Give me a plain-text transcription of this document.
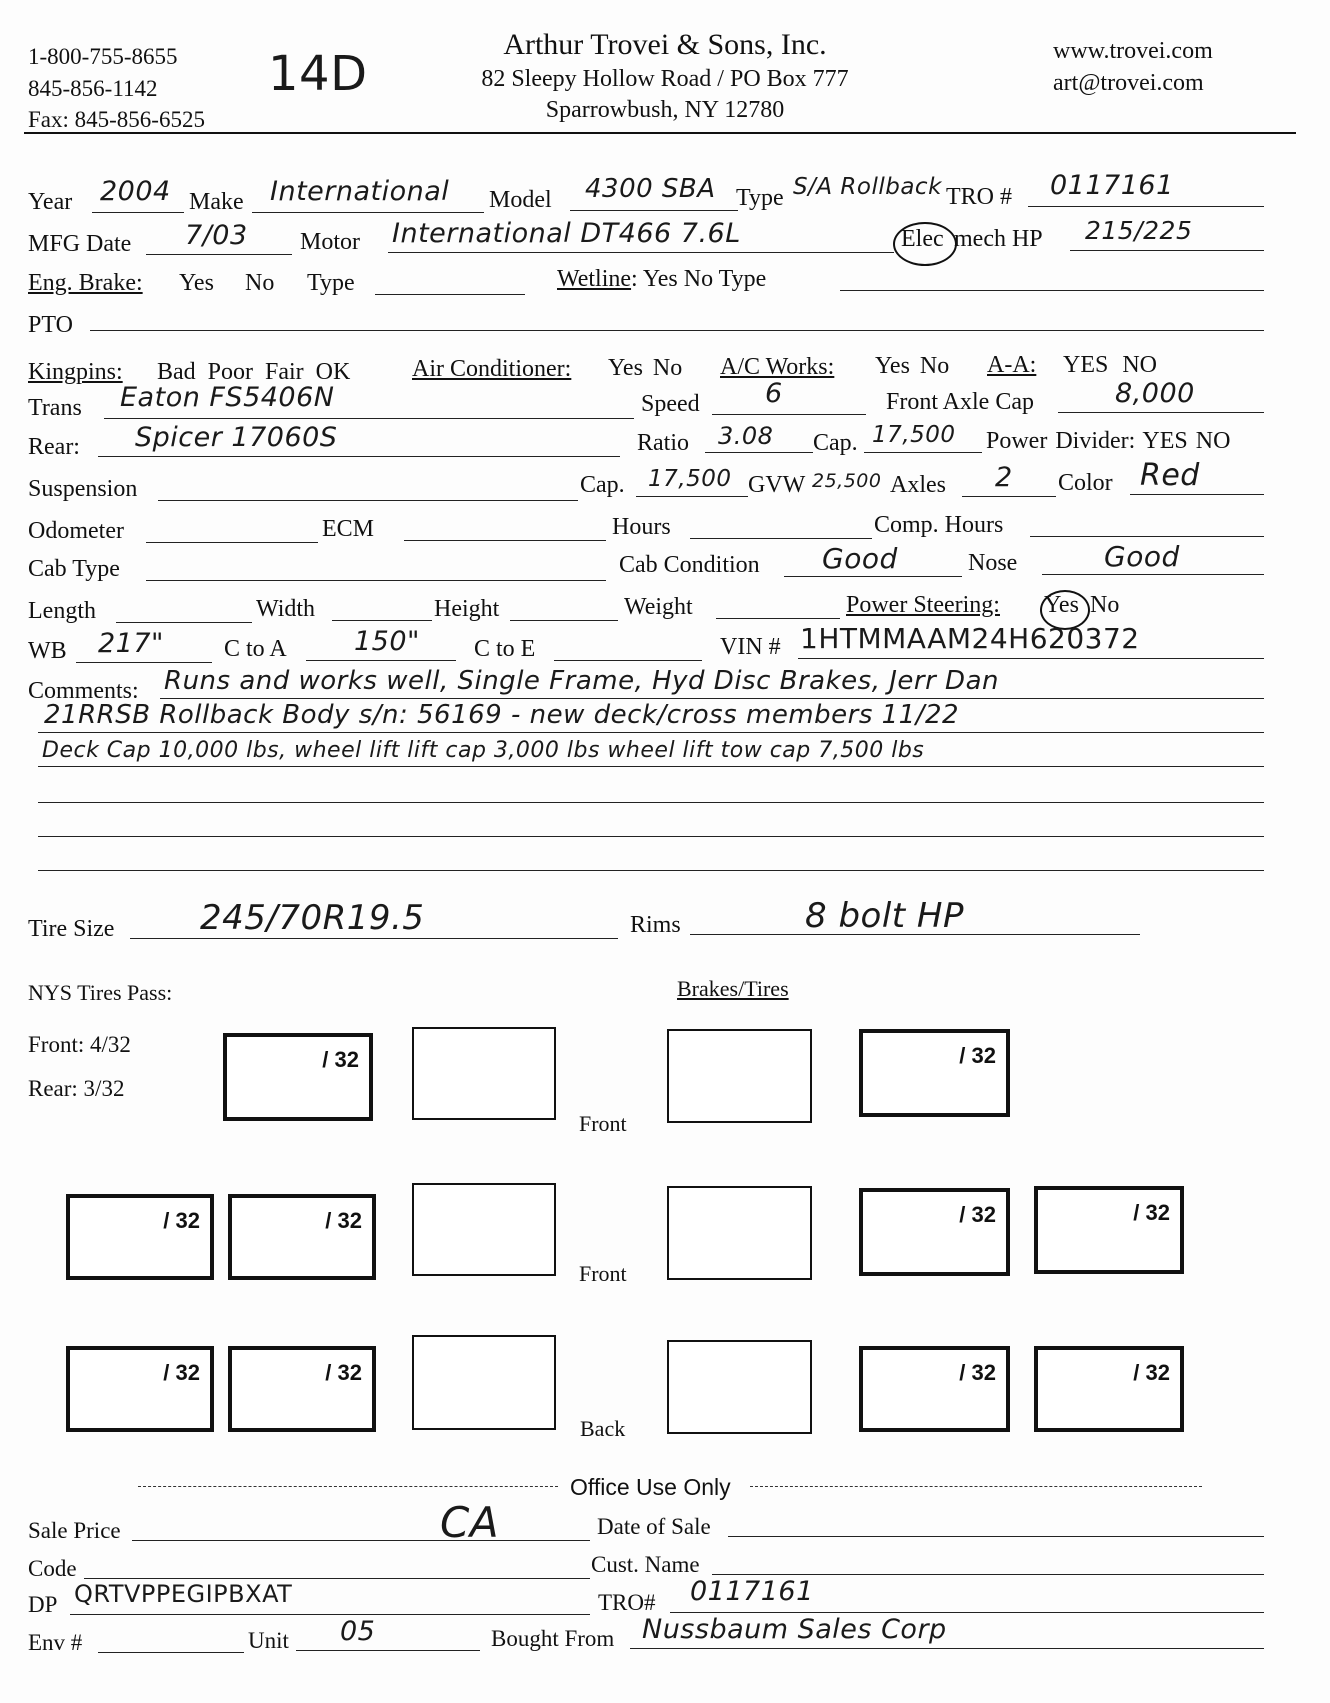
1-800-755-8655
845-856-1142
Fax: 845-856-6525
14D
Arthur Trovei & Sons, Inc.
82 Sleepy Hollow Road / PO Box 777
Sparrowbush, NY 12780
www.trovei.com
art@trovei.com
Year 2004 Make International Model 4300 SBA Type S/A Rollback TRO # 0117161
MFG Date 7/03 Motor International DT466 7.6L	Elec mech HP 215/225
Eng. Brake: Yes No Type	Wetline: Yes No Type
PTO
Kingpins: Bad Poor Fair OK	Air Conditioner: Yes No A/C Works: Yes No A-A: YES NO
Trans Eaton FS5406N	Speed 6	Front Axle Cap	8,000
Rear: Spicer 17060S	Ratio 3.08 Cap. 17,500 Power Divider: YES NO
Suspension	Cap. 17,500 GVW 25,500 Axles 2 Color Red
Odometer	ECM	Hours	Comp. Hours
Cab Type	Cab Condition Good	Nose	Good
Length	Width	Height	Weight	Power Steering: Yes No
WB 217"	C to A 150" C to E	VIN # 1HTMMAAM24H620372
Comments: Runs and works well, Single Frame, Hyd Disc Brakes, Jerr Dan
21RRSB Rollback Body s/n: 56169 - new deck/cross members 11/22
Deck Cap 10,000 lbs, wheel lift lift cap 3,000 lbs wheel lift tow cap 7,500 lbs
Tire Size	245/70R19.5	Rims	8 bolt HP
NYS Tires Pass:	Brakes/Tires
Front: 4/32
Rear: 3/32
/ 32
Front
/ 32
/ 32	/ 32
Front
/ 32	/ 32
/ 32	/ 32
Back
/ 32	/ 32
Office Use Only
Sale Price	CA	Date of Sale
Code	Cust. Name
DP QRTVPPEGIPBXAT	TRO# 0117161
Env #	Unit 05	Bought From Nussbaum Sales Corp
